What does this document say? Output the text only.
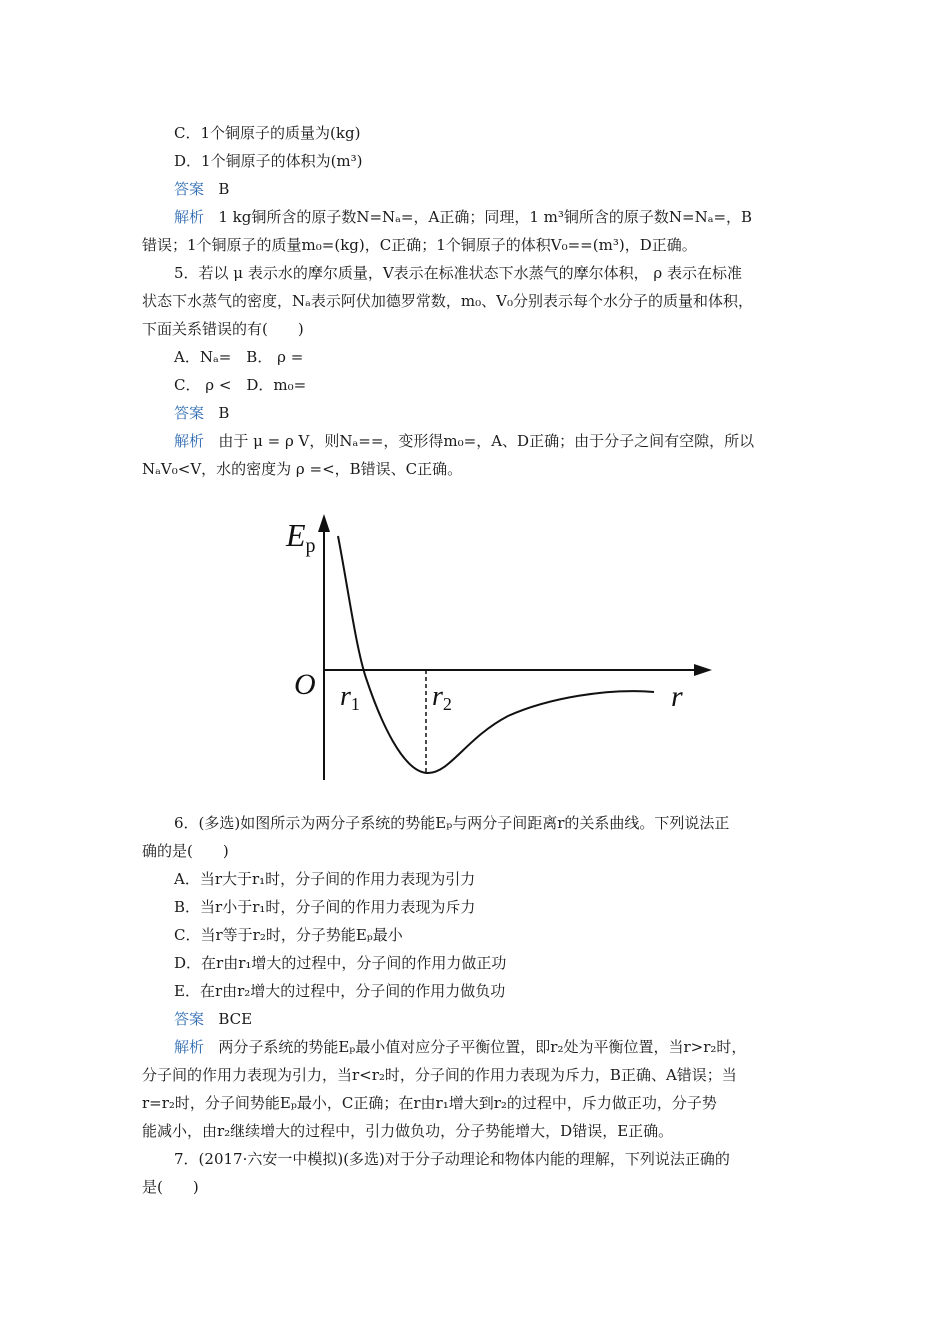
C．1个铜原子的质量为(kg)
D．1个铜原子的体积为(m³)
答案 B
解析 1 kg铜所含的原子数N=Nₐ=，A正确；同理，1 m³铜所含的原子数N=Nₐ=，B
错误；1个铜原子的质量m₀=(kg)，C正确；1个铜原子的体积V₀==(m³)，D正确。
5．若以 μ 表示水的摩尔质量，V表示在标准状态下水蒸气的摩尔体积， ρ 表示在标准
状态下水蒸气的密度，Nₐ表示阿伏加德罗常数，m₀、V₀分别表示每个水分子的质量和体积，
下面关系错误的有(　　)
A．Nₐ=　B． ρ =
C． ρ <　D．m₀=
答案 B
解析 由于 μ = ρ V，则Nₐ==，变形得m₀=，A、D正确；由于分子之间有空隙，所以
NₐV₀<V，水的密度为 ρ =<，B错误、C正确。
Ep
O	r
r1	r2
6．(多选)如图所示为两分子系统的势能Eₚ与两分子间距离r的关系曲线。下列说法正
确的是(　　)
A．当r大于r₁时，分子间的作用力表现为引力
B．当r小于r₁时，分子间的作用力表现为斥力
C．当r等于r₂时，分子势能Eₚ最小
D．在r由r₁增大的过程中，分子间的作用力做正功
E．在r由r₂增大的过程中，分子间的作用力做负功
答案 BCE
解析 两分子系统的势能Eₚ最小值对应分子平衡位置，即r₂处为平衡位置，当r>r₂时，
分子间的作用力表现为引力，当r<r₂时，分子间的作用力表现为斥力，B正确、A错误；当
r=r₂时，分子间势能Eₚ最小，C正确；在r由r₁增大到r₂的过程中，斥力做正功，分子势
能减小，由r₂继续增大的过程中，引力做负功，分子势能增大，D错误，E正确。
7．(2017·六安一中模拟)(多选)对于分子动理论和物体内能的理解，下列说法正确的
是(　　)
